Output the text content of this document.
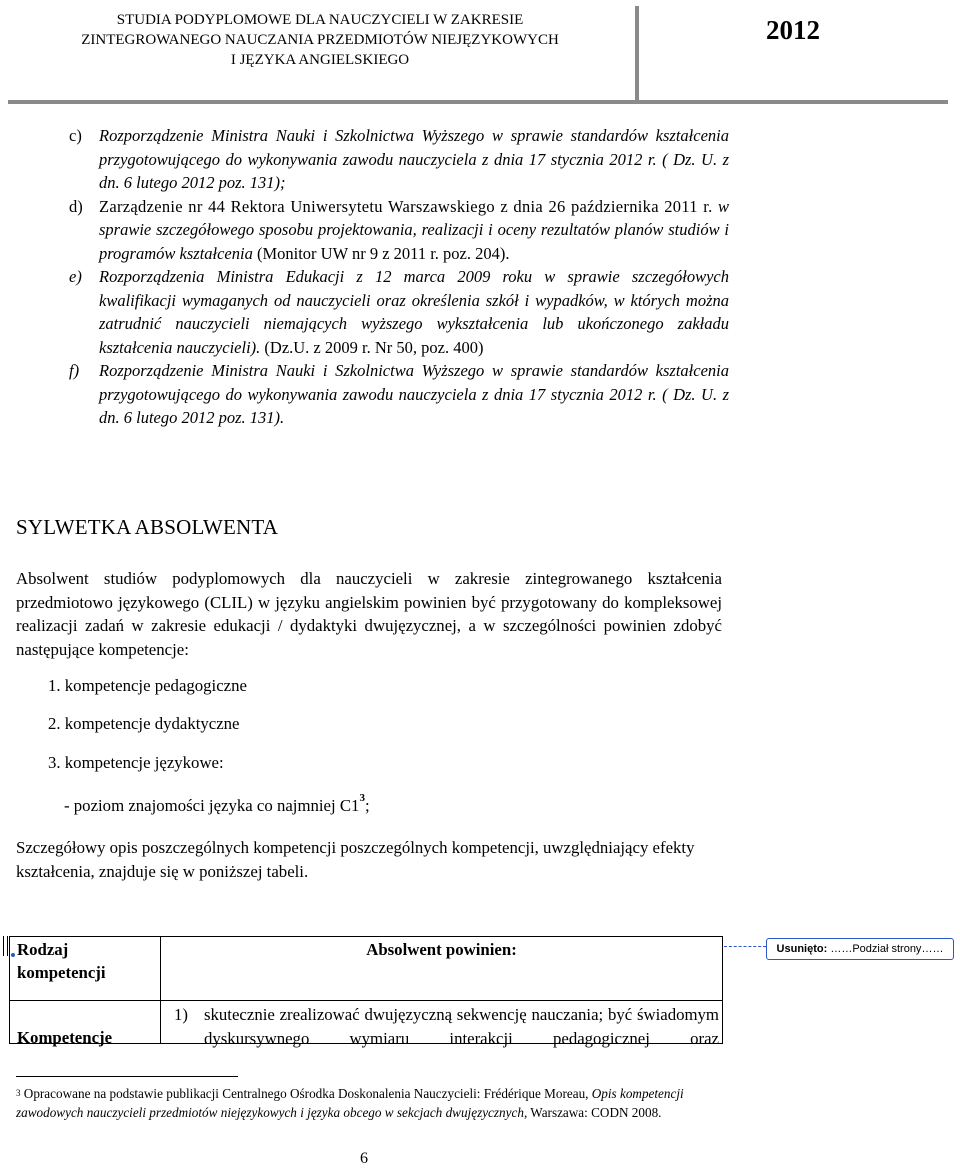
STUDIA PODYPLOMOWE DLA NAUCZYCIELI W ZAKRESIE
ZINTEGROWANEGO NAUCZANIA PRZEDMIOTÓW NIEJĘZYKOWYCH
I JĘZYKA ANGIELSKIEGO
2012
c) Rozporządzenie Ministra Nauki i Szkolnictwa Wyższego w sprawie standardów kształcenia przygotowującego do wykonywania zawodu nauczyciela z dnia 17 stycznia 2012 r. ( Dz. U. z dn. 6 lutego 2012 poz. 131);
d) Zarządzenie nr 44 Rektora Uniwersytetu Warszawskiego z dnia 26 października 2011 r. w sprawie szczegółowego sposobu projektowania, realizacji i oceny rezultatów planów studiów i programów kształcenia (Monitor UW nr 9 z 2011 r. poz. 204).
e) Rozporządzenia Ministra Edukacji z 12 marca 2009 roku w sprawie szczegółowych kwalifikacji wymaganych od nauczycieli oraz określenia szkół i wypadków, w których można zatrudnić nauczycieli niemających wyższego wykształcenia lub ukończonego zakładu kształcenia nauczycieli). (Dz.U. z 2009 r. Nr 50, poz. 400)
f) Rozporządzenie Ministra Nauki i Szkolnictwa Wyższego w sprawie standardów kształcenia przygotowującego do wykonywania zawodu nauczyciela z dnia 17 stycznia 2012 r. ( Dz. U. z dn. 6 lutego 2012 poz. 131).
SYLWETKA ABSOLWENTA
Absolwent studiów podyplomowych dla nauczycieli w zakresie zintegrowanego kształcenia przedmiotowo językowego (CLIL) w języku angielskim powinien być przygotowany do kompleksowej realizacji zadań w zakresie edukacji / dydaktyki dwujęzycznej, a w szczególności powinien zdobyć następujące kompetencje:
1. kompetencje pedagogiczne
2. kompetencje dydaktyczne
3. kompetencje językowe:
- poziom znajomości języka co najmniej $C1^3$;
Szczegółowy opis poszczególnych kompetencji poszczególnych kompetencji, uwzględniający efekty kształcenia, znajduje się w poniższej tabeli.
Rodzaj kompetencji
Absolwent powinien:
Kompetencje
1) skutecznie zrealizować dwujęzyczną sekwencję nauczania; być świadomym dyskursywnego wymiaru interakcji pedagogicznej oraz
Usunięto: ……Podział strony……
$^3$ Opracowane na podstawie publikacji Centralnego Ośrodka Doskonalenia Nauczycieli: Frédérique Moreau, Opis kompetencji zawodowych nauczycieli przedmiotów niejęzykowych i języka obcego w sekcjach dwujęzycznych, Warszawa: CODN 2008.
6
